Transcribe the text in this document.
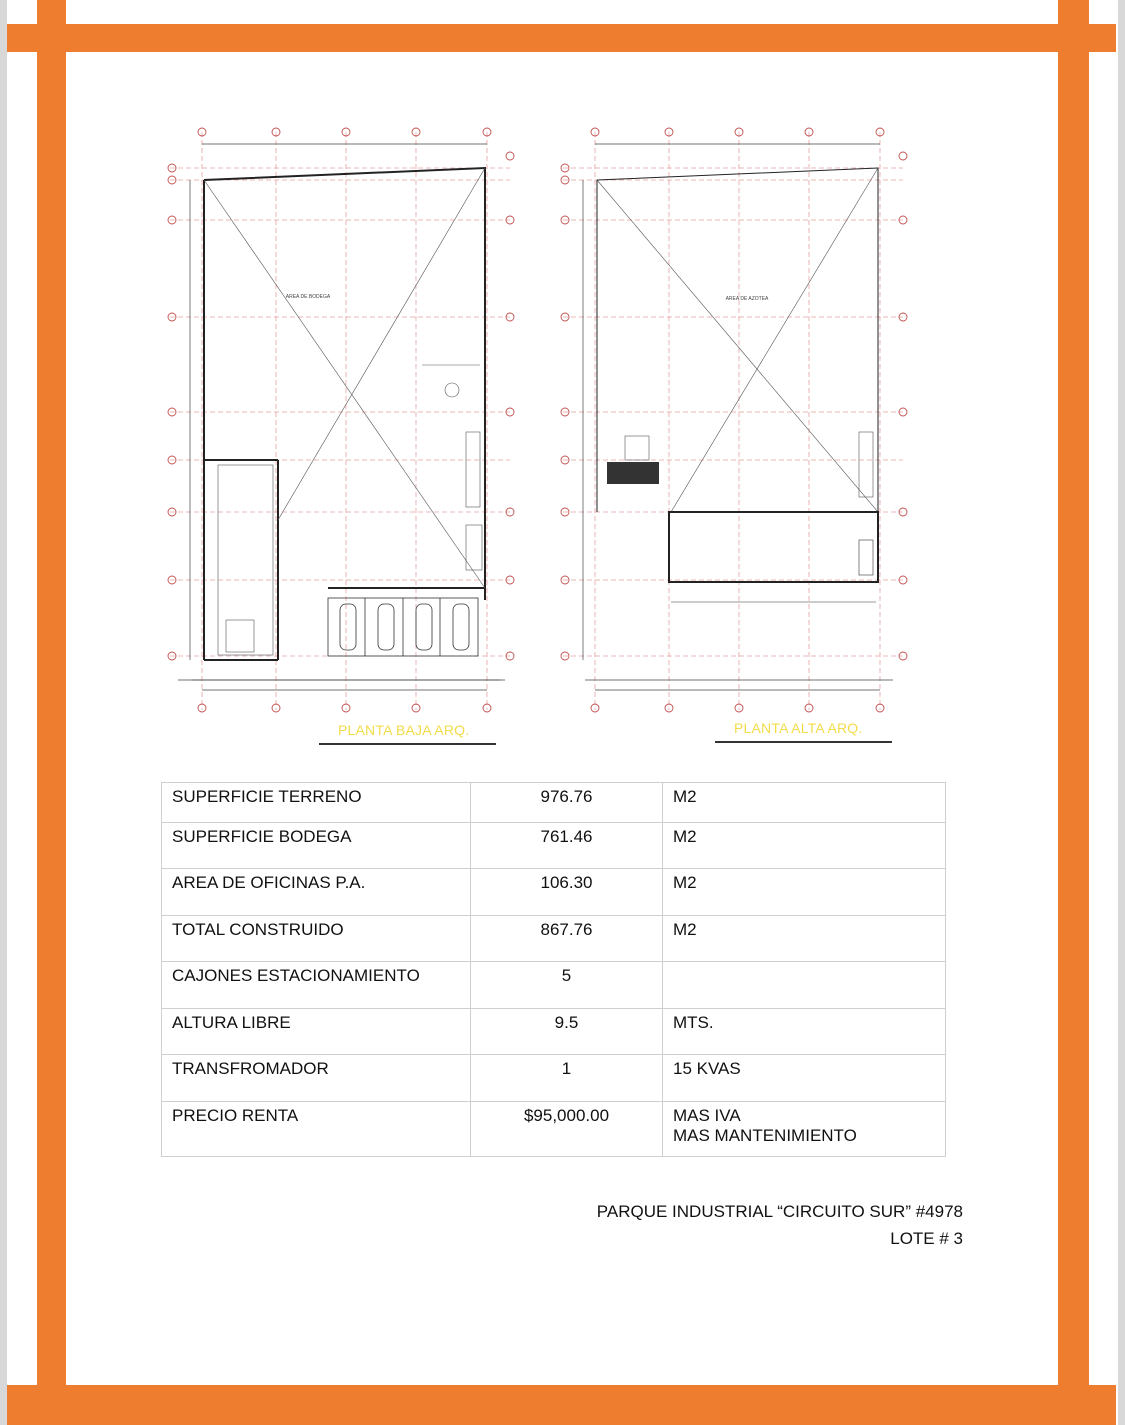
AREA DE BODEGA
PLANTA BAJA ARQ.
AREA DE AZOTEA
PLANTA ALTA ARQ.
SUPERFICIE TERRENO	976.76	M2
SUPERFICIE BODEGA	761.46	M2
AREA DE OFICINAS P.A.	106.30	M2
TOTAL CONSTRUIDO	867.76	M2
CAJONES ESTACIONAMIENTO	5	
ALTURA LIBRE	9.5	MTS.
TRANSFROMADOR	1	15 KVAS
PRECIO RENTA	$95,000.00	MAS IVA
MAS MANTENIMIENTO
PARQUE INDUSTRIAL “CIRCUITO SUR” #4978
LOTE # 3
